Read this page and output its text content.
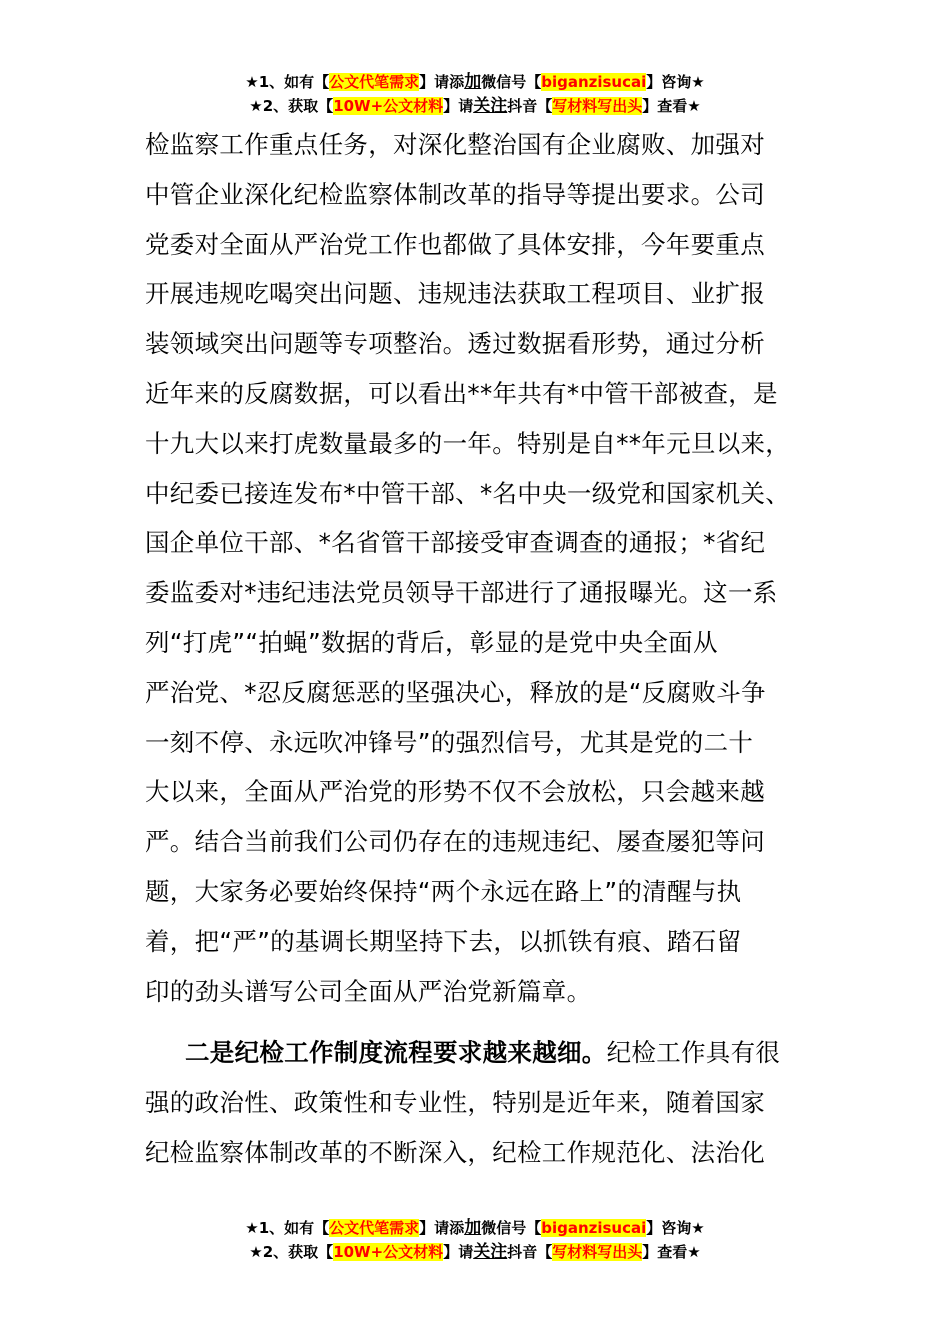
★1、如有【公文代笔需求】请添加微信号【biganzisucai】咨询★
★2、获取【10W+公文材料】请关注抖音【写材料写出头】查看★
检监察工作重点任务，对深化整治国有企业腐败、加强对
中管企业深化纪检监察体制改革的指导等提出要求。公司
党委对全面从严治党工作也都做了具体安排，今年要重点
开展违规吃喝突出问题、违规违法获取工程项目、业扩报
装领域突出问题等专项整治。透过数据看形势，通过分析
近年来的反腐数据，可以看出**年共有*中管干部被查，是
十九大以来打虎数量最多的一年。特别是自**年元旦以来，
中纪委已接连发布*中管干部、*名中央一级党和国家机关、
国企单位干部、*名省管干部接受审查调查的通报；*省纪
委监委对*违纪违法党员领导干部进行了通报曝光。这一系
列“打虎”“拍蝇”数据的背后，彰显的是党中央全面从
严治党、*忍反腐惩恶的坚强决心，释放的是“反腐败斗争
一刻不停、永远吹冲锋号”的强烈信号，尤其是党的二十
大以来，全面从严治党的形势不仅不会放松，只会越来越
严。结合当前我们公司仍存在的违规违纪、屡查屡犯等问
题，大家务必要始终保持“两个永远在路上”的清醒与执
着，把“严”的基调长期坚持下去，以抓铁有痕、踏石留
印的劲头谱写公司全面从严治党新篇章。
二是纪检工作制度流程要求越来越细。纪检工作具有很
强的政治性、政策性和专业性，特别是近年来，随着国家
纪检监察体制改革的不断深入，纪检工作规范化、法治化
★1、如有【公文代笔需求】请添加微信号【biganzisucai】咨询★
★2、获取【10W+公文材料】请关注抖音【写材料写出头】查看★
